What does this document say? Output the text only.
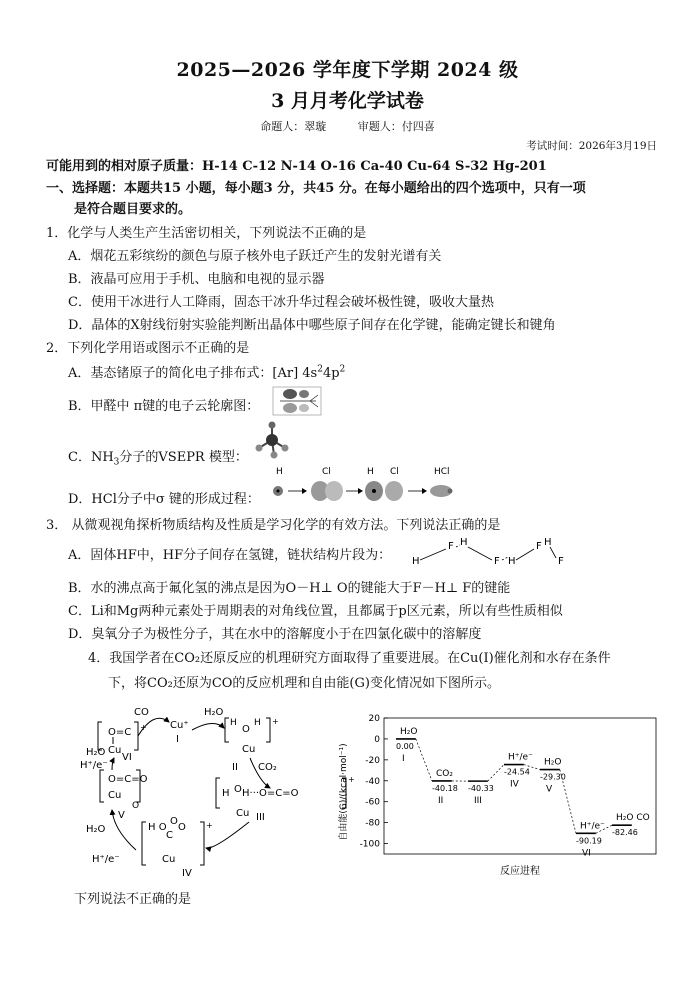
2025—2026 学年度下学期 2024 级
3 月月考化学试卷
命题人：翠璇	审题人：付四喜
考试时间：2026年3月19日
可能用到的相对原子质量：H-14 C-12 N-14 O-16 Ca-40 Cu-64 S-32 Hg-201
一、选择题：本题共15 小题，每小题3 分，共45 分。在每小题给出的四个选项中，只有一项
是符合题目要求的。
1．化学与人类生产生活密切相关，下列说法不正确的是
A．烟花五彩缤纷的颜色与原子核外电子跃迁产生的发射光谱有关
B．液晶可应用于手机、电脑和电视的显示器
C．使用干冰进行人工降雨，固态干冰升华过程会破坏极性键，吸收大量热
D．晶体的X射线衍射实验能判断出晶体中哪些原子间存在化学键，能确定键长和键角
2．下列化学用语或图示不正确的是
A．基态锗原子的简化电子排布式：[Ar] $4s^24p^2$
B．甲醛中 π键的电子云轮廓图：
C．$NH_3$分子的VSEPR 模型：
D．HCl分子中σ 键的形成过程：
H	Cl	H Cl	HCl
3． 从微观视角探析物质结构及性质是学习化学的有效方法。下列说法正确的是
A．固体HF中，HF分子间存在氢键，链状结构片段为： H
F H
F H
F H
F
B．水的沸点高于氟化氢的沸点是因为O－H⊥ O的键能大于F－H⊥ F的键能
C．Li和Mg两种元素处于周期表的对角线位置，且都属于p区元素，所以有些性质相似
D．臭氧分子为极性分子，其在水中的溶解度小于在四氯化碳中的溶解度
4．我国学者在CO₂还原反应的机理研究方面取得了重要进展。在Cu(I)催化剂和水存在条件
下，将CO₂还原为CO的反应机理和自由能(G)变化情况如下图所示。
O=C
Cu
+
VI
H₂O
H⁺/e⁻
CO
Cu⁺
I
H₂O
H
O
H
Cu
+
II CO₂
H O H···O=C=O
Cu
+
III
H O
O
C
O
Cu
+
IV
O=C=O
Cu
O
V
H₂O
H⁺/e⁻
自由能(G)/(kcal·mol⁻¹)
反应进程
20
0
-20
-40
-60
-80
-100
0.00
I
H₂O
-40.18
II
CO₂
-40.33
III
-24.54
IV
H⁺/e⁻
-29.30
V
H₂O
-90.19
VI
H⁺/e⁻
-82.46
H₂O CO
下列说法不正确的是
